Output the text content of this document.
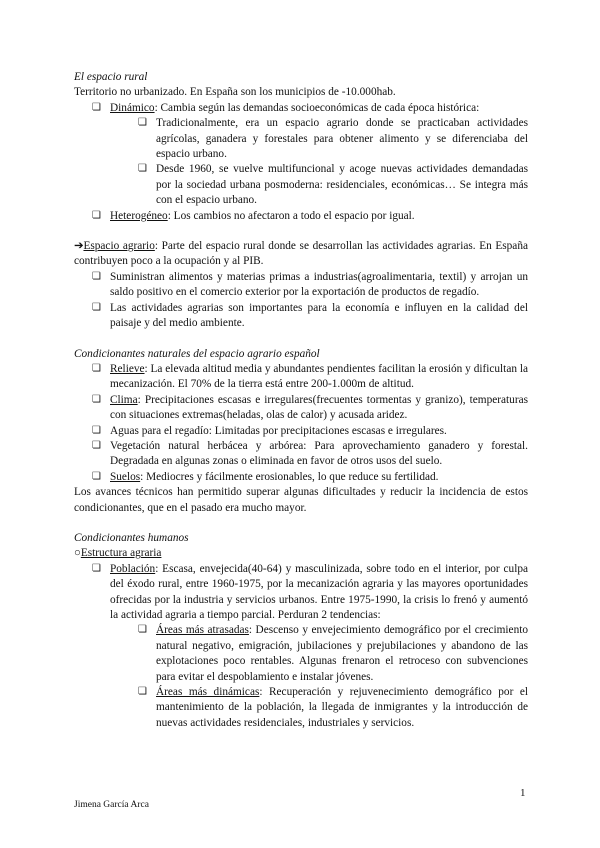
El espacio rural

Territorio no urbanizado. En España son los municipios de -10.000hab.

❏ Dinámico: Cambia según las demandas socioeconómicas de cada época histórica:
❏ Tradicionalmente, era un espacio agrario donde se practicaban actividades agrícolas, ganadera y forestales para obtener alimento y se diferenciaba del espacio urbano.
❏ Desde 1960, se vuelve multifuncional y acoge nuevas actividades demandadas por la sociedad urbana posmoderna: residenciales, económicas… Se integra más con el espacio urbano.
❏ Heterogéneo: Los cambios no afectaron a todo el espacio por igual.

➔Espacio agrario: Parte del espacio rural donde se desarrollan las actividades agrarias. En España contribuyen poco a la ocupación y al PIB.

❏ Suministran alimentos y materias primas a industrias(agroalimentaria, textil) y arrojan un saldo positivo en el comercio exterior por la exportación de productos de regadío.
❏ Las actividades agrarias son importantes para la economía e influyen en la calidad del paisaje y del medio ambiente.

Condicionantes naturales del espacio agrario español

❏ Relieve: La elevada altitud media y abundantes pendientes facilitan la erosión y dificultan la mecanización. El 70% de la tierra está entre 200-1.000m de altitud.
❏ Clima: Precipitaciones escasas e irregulares(frecuentes tormentas y granizo), temperaturas con situaciones extremas(heladas, olas de calor) y acusada aridez.
❏ Aguas para el regadío: Limitadas por precipitaciones escasas e irregulares.
❏ Vegetación natural herbácea y arbórea: Para aprovechamiento ganadero y forestal. Degradada en algunas zonas o eliminada en favor de otros usos del suelo.
❏ Suelos: Mediocres y fácilmente erosionables, lo que reduce su fertilidad.

Los avances técnicos han permitido superar algunas dificultades y reducir la incidencia de estos condicionantes, que en el pasado era mucho mayor.

Condicionantes humanos

○Estructura agraria

❏ Población: Escasa, envejecida(40-64) y masculinizada, sobre todo en el interior, por culpa del éxodo rural, entre 1960-1975, por la mecanización agraria y las mayores oportunidades ofrecidas por la industria y servicios urbanos. Entre 1975-1990, la crisis lo frenó y aumentó la actividad agraria a tiempo parcial. Perduran 2 tendencias:
❏ Áreas más atrasadas: Descenso y envejecimiento demográfico por el crecimiento natural negativo, emigración, jubilaciones y prejubilaciones y abandono de las explotaciones poco rentables. Algunas frenaron el retroceso con subvenciones para evitar el despoblamiento e instalar jóvenes.
❏ Áreas más dinámicas: Recuperación y rejuvenecimiento demográfico por el mantenimiento de la población, la llegada de inmigrantes y la introducción de nuevas actividades residenciales, industriales y servicios.
1
Jimena García Arca
